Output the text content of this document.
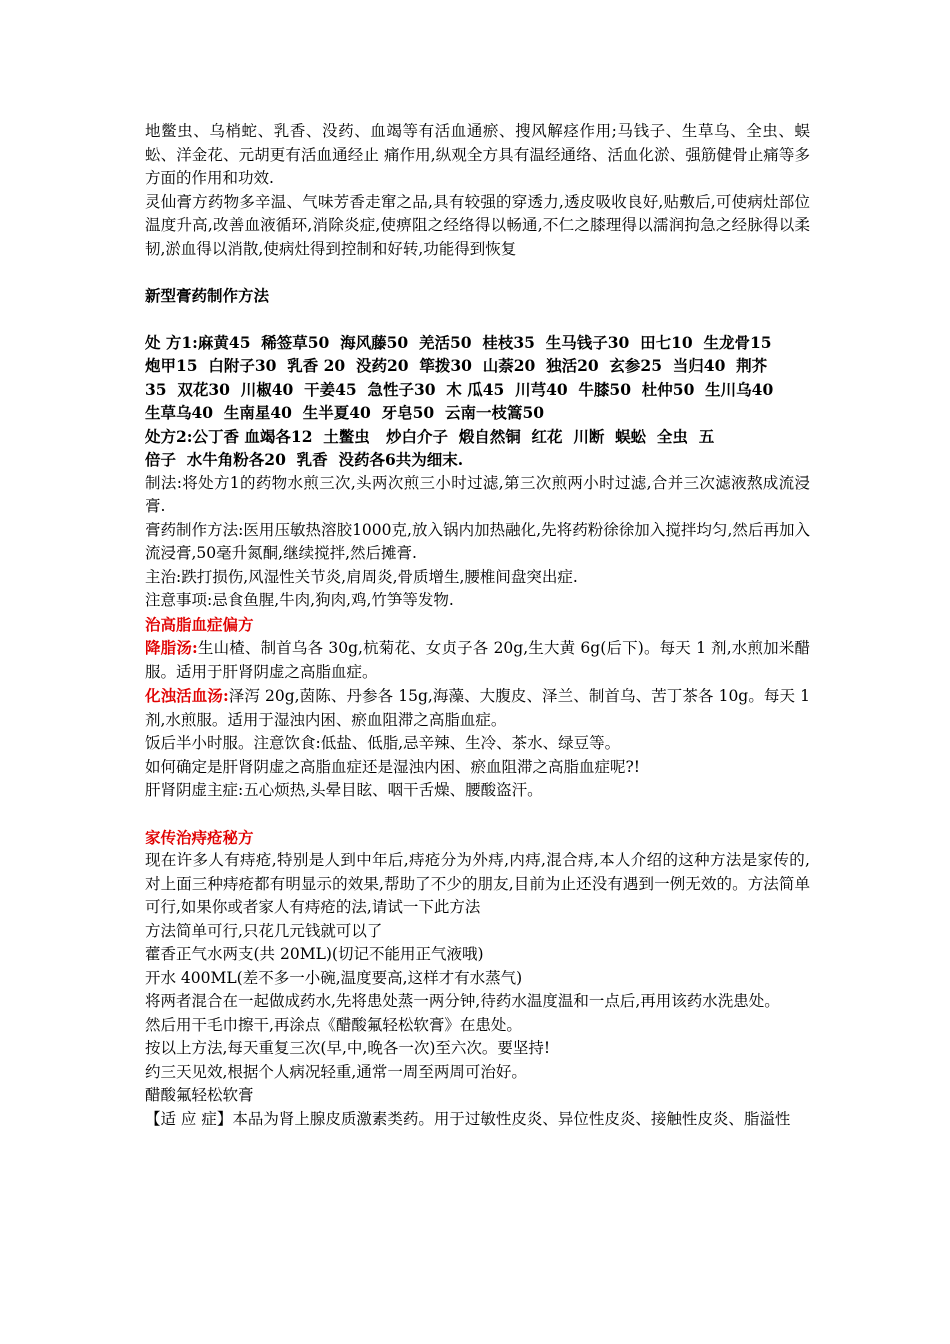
地鳖虫、乌梢蛇、乳香、没药、血竭等有活血通瘀、搜风解痉作用;马钱子、生草乌、全虫、蜈蚣、洋金花、元胡更有活血通经止 痛作用,纵观全方具有温经通络、活血化淤、强筋健骨止痛等多方面的作用和功效.

灵仙膏方药物多辛温、气味芳香走窜之品,具有较强的穿透力,透皮吸收良好,贴敷后,可使病灶部位温度升高,改善血液循环,消除炎症,使痹阻之经络得以畅通,不仁之膝理得以濡润拘急之经脉得以柔韧,淤血得以消散,使病灶得到控制和好转,功能得到恢复

新型膏药制作方法

处 方1:麻黄45  稀签草50  海风藤50  羌活50  桂枝35  生马钱子30  田七10  生龙骨15
炮甲15  白附子30  乳香 20  没药20  筚拨30  山萘20  独活20  玄参25  当归40  荆芥
35  双花30  川椒40  干姜45  急性子30  木 瓜45  川芎40  牛膝50  杜仲50  生川乌40
生草乌40  生南星40  生半夏40  牙皂50  云南一枝篙50
处方2:公丁香 血竭各12  土鳖虫   炒白介子  煅自然铜  红花  川断  蜈蚣  全虫  五
倍子  水牛角粉各20  乳香  没药各6共为细末.

制法:将处方1的药物水煎三次,头两次煎三小时过滤,第三次煎两小时过滤,合并三次滤液熬成流浸膏.

膏药制作方法:医用压敏热溶胶1000克,放入锅内加热融化,先将药粉徐徐加入搅拌均匀,然后再加入流浸膏,50毫升氮酮,继续搅拌,然后摊膏.

主治:跌打损伤,风湿性关节炎,肩周炎,骨质增生,腰椎间盘突出症.

注意事项:忌食鱼腥,牛肉,狗肉,鸡,竹笋等发物.

治高脂血症偏方

降脂汤:生山楂、制首乌各 30g,杭菊花、女贞子各 20g,生大黄 6g(后下)。每天 1 剂,水煎加米醋服。适用于肝肾阴虚之高脂血症。

化浊活血汤:泽泻 20g,茵陈、丹参各 15g,海藻、大腹皮、泽兰、制首乌、苦丁茶各 10g。每天 1 剂,水煎服。适用于湿浊内困、瘀血阻滞之高脂血症。

饭后半小时服。注意饮食:低盐、低脂,忌辛辣、生冷、茶水、绿豆等。

如何确定是肝肾阴虚之高脂血症还是湿浊内困、瘀血阻滞之高脂血症呢?!

肝肾阴虚主症:五心烦热,头晕目眩、咽干舌燥、腰酸盗汗。

家传治痔疮秘方

现在许多人有痔疮,特别是人到中年后,痔疮分为外痔,内痔,混合痔,本人介绍的这种方法是家传的,对上面三种痔疮都有明显示的效果,帮助了不少的朋友,目前为止还没有遇到一例无效的。方法简单可行,如果你或者家人有痔疮的法,请试一下此方法

方法简单可行,只花几元钱就可以了

藿香正气水两支(共 20ML)(切记不能用正气液哦)

开水 400ML(差不多一小碗,温度要高,这样才有水蒸气)

将两者混合在一起做成药水,先将患处蒸一两分钟,待药水温度温和一点后,再用该药水洗患处。

然后用干毛巾擦干,再涂点《醋酸氟轻松软膏》在患处。

按以上方法,每天重复三次(早,中,晚各一次)至六次。要坚持!

约三天见效,根据个人病况轻重,通常一周至两周可治好。

醋酸氟轻松软膏

【适 应 症】本品为肾上腺皮质激素类药。用于过敏性皮炎、异位性皮炎、接触性皮炎、脂溢性
